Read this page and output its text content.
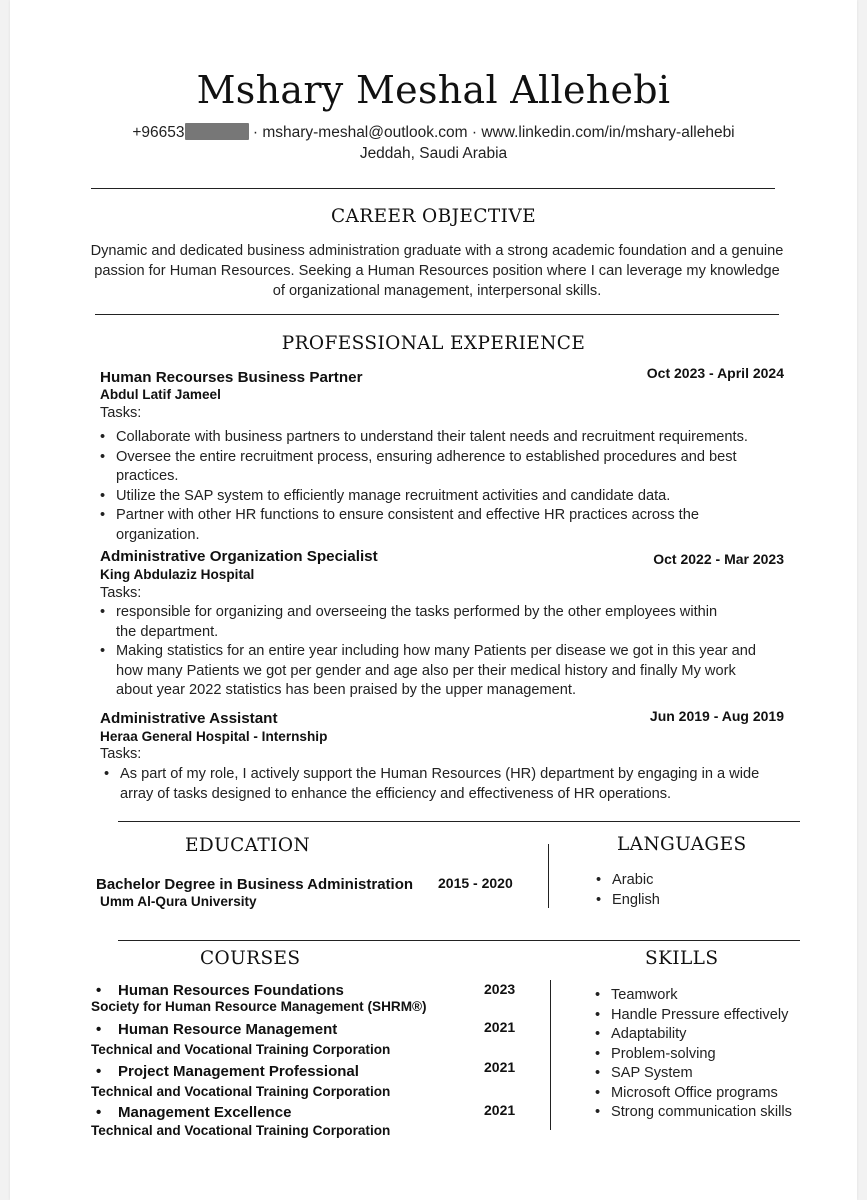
Mshary Meshal Allehebi
+96653	· mshary-meshal@outlook.com · www.linkedin.com/in/mshary-allehebi
Jeddah, Saudi Arabia
CAREER OBJECTIVE
Dynamic and dedicated business administration graduate with a strong academic foundation and a genuine passion for Human Resources. Seeking a Human Resources position where I can leverage my knowledge of organizational management, interpersonal skills.
PROFESSIONAL EXPERIENCE
Human Recourses Business Partner	Oct 2023 - April 2024
Abdul Latif Jameel
Tasks:
• Collaborate with business partners to understand their talent needs and recruitment requirements.
• Oversee the entire recruitment process, ensuring adherence to established procedures and best practices.
• Utilize the SAP system to efficiently manage recruitment activities and candidate data.
• Partner with other HR functions to ensure consistent and effective HR practices across the organization.
Administrative Organization Specialist	Oct 2022 - Mar 2023
King Abdulaziz Hospital
Tasks:
• responsible for organizing and overseeing the tasks performed by the other employees within the department.
• Making statistics for an entire year including how many Patients per disease we got in this year and how many Patients we got per gender and age also per their medical history and finally My work about year 2022 statistics has been praised by the upper management.
Administrative Assistant	Jun 2019 - Aug 2019
Heraa General Hospital - Internship
Tasks:
• As part of my role, I actively support the Human Resources (HR) department by engaging in a wide array of tasks designed to enhance the efficiency and effectiveness of HR operations.
EDUCATION
Bachelor Degree in Business Administration 2015 - 2020
Umm Al-Qura University
LANGUAGES
• Arabic
• English
COURSES
• Human Resources Foundations	2023
Society for Human Resource Management (SHRM®)
• Human Resource Management	2021
Technical and Vocational Training Corporation
• Project Management Professional	2021
Technical and Vocational Training Corporation
• Management Excellence	2021
Technical and Vocational Training Corporation
SKILLS
• Teamwork
• Handle Pressure effectively
• Adaptability
• Problem-solving
• SAP System
• Microsoft Office programs
• Strong communication skills
